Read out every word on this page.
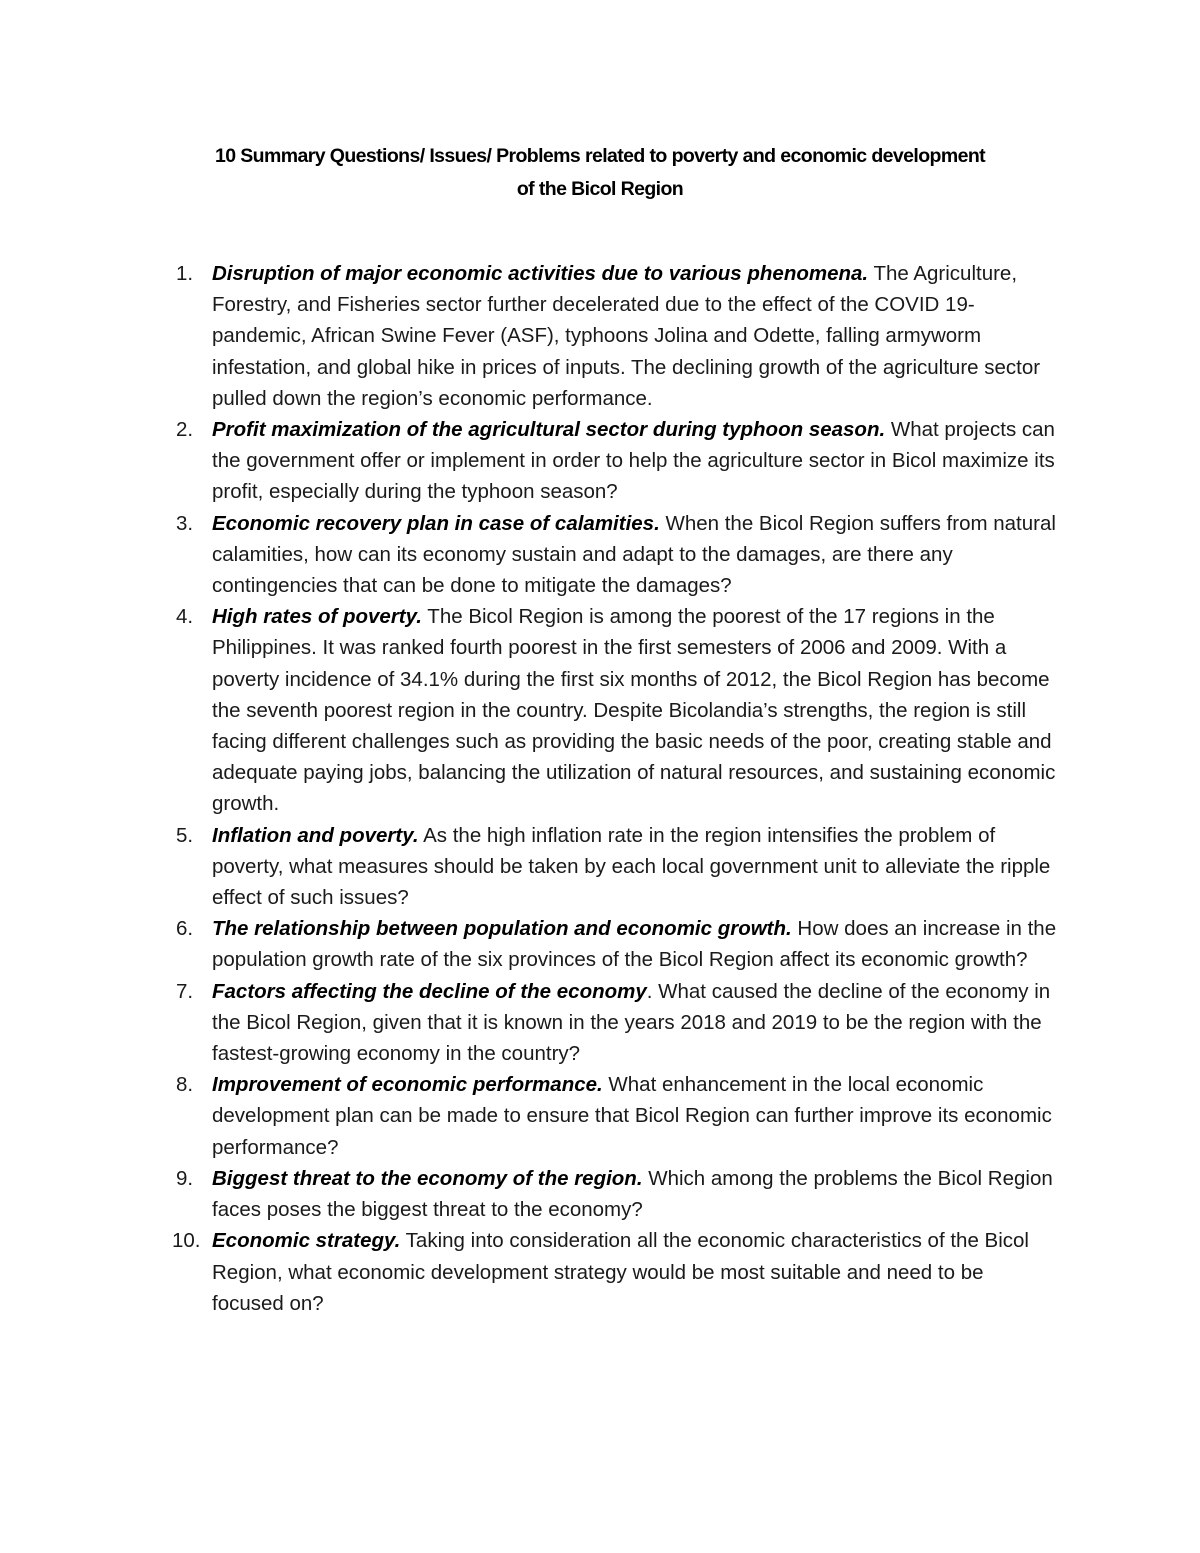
10 Summary Questions/ Issues/ Problems related to poverty and economic development
of the Bicol Region
1. Disruption of major economic activities due to various phenomena. The Agriculture, Forestry, and Fisheries sector further decelerated due to the effect of the COVID 19-pandemic, African Swine Fever (ASF), typhoons Jolina and Odette, falling armyworm infestation, and global hike in prices of inputs. The declining growth of the agriculture sector pulled down the region’s economic performance.
2. Profit maximization of the agricultural sector during typhoon season. What projects can the government offer or implement in order to help the agriculture sector in Bicol maximize its profit, especially during the typhoon season?
3. Economic recovery plan in case of calamities. When the Bicol Region suffers from natural calamities, how can its economy sustain and adapt to the damages, are there any contingencies that can be done to mitigate the damages?
4. High rates of poverty. The Bicol Region is among the poorest of the 17 regions in the Philippines. It was ranked fourth poorest in the first semesters of 2006 and 2009. With a poverty incidence of 34.1% during the first six months of 2012, the Bicol Region has become the seventh poorest region in the country. Despite Bicolandia’s strengths, the region is still facing different challenges such as providing the basic needs of the poor, creating stable and adequate paying jobs, balancing the utilization of natural resources, and sustaining economic growth.
5. Inflation and poverty. As the high inflation rate in the region intensifies the problem of poverty, what measures should be taken by each local government unit to alleviate the ripple effect of such issues?
6. The relationship between population and economic growth. How does an increase in the population growth rate of the six provinces of the Bicol Region affect its economic growth?
7. Factors affecting the decline of the economy. What caused the decline of the economy in the Bicol Region, given that it is known in the years 2018 and 2019 to be the region with the fastest-growing economy in the country?
8. Improvement of economic performance. What enhancement in the local economic development plan can be made to ensure that Bicol Region can further improve its economic performance?
9. Biggest threat to the economy of the region. Which among the problems the Bicol Region faces poses the biggest threat to the economy?
10. Economic strategy. Taking into consideration all the economic characteristics of the Bicol Region, what economic development strategy would be most suitable and need to be focused on?
